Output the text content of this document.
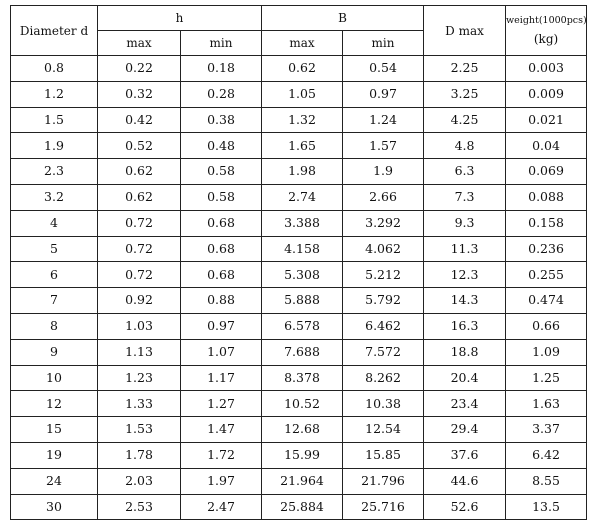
Diameter d	h		B		D max	weight(1000pcs)
(kg)

	max	min	max	min		
0.8	0.22	0.18	0.62	0.54	2.25	0.003
1.2	0.32	0.28	1.05	0.97	3.25	0.009
1.5	0.42	0.38	1.32	1.24	4.25	0.021
1.9	0.52	0.48	1.65	1.57	4.8	0.04
2.3	0.62	0.58	1.98	1.9	6.3	0.069
3.2	0.62	0.58	2.74	2.66	7.3	0.088
4	0.72	0.68	3.388	3.292	9.3	0.158
5	0.72	0.68	4.158	4.062	11.3	0.236
6	0.72	0.68	5.308	5.212	12.3	0.255
7	0.92	0.88	5.888	5.792	14.3	0.474
8	1.03	0.97	6.578	6.462	16.3	0.66
9	1.13	1.07	7.688	7.572	18.8	1.09
10	1.23	1.17	8.378	8.262	20.4	1.25
12	1.33	1.27	10.52	10.38	23.4	1.63
15	1.53	1.47	12.68	12.54	29.4	3.37
19	1.78	1.72	15.99	15.85	37.6	6.42
24	2.03	1.97	21.964	21.796	44.6	8.55
30	2.53	2.47	25.884	25.716	52.6	13.5
